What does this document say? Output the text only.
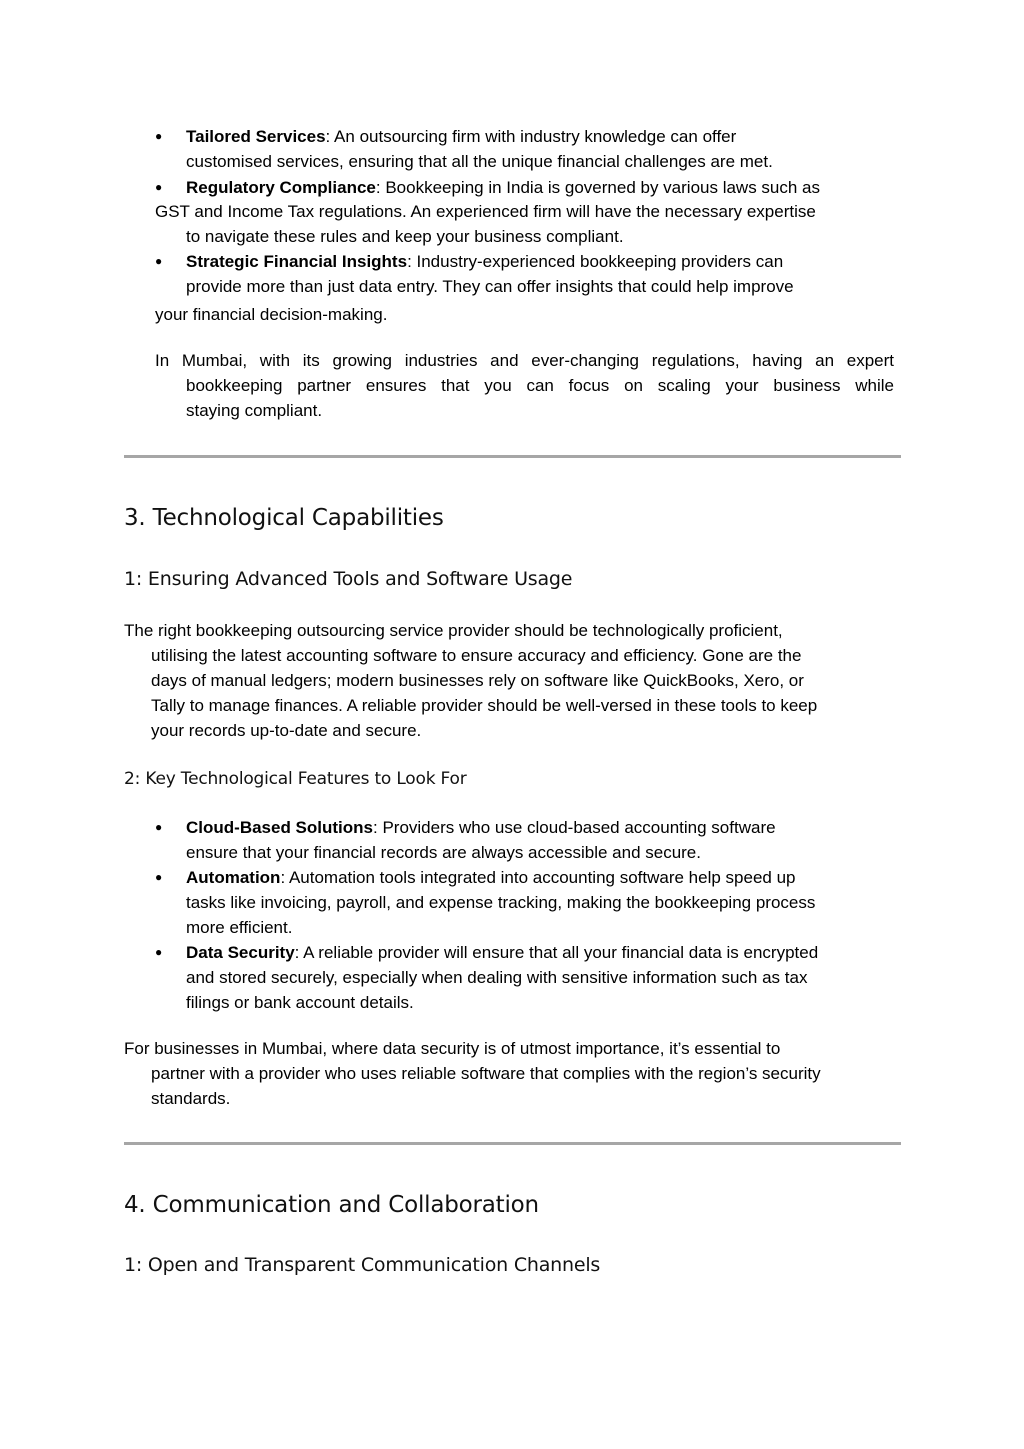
● Tailored Services: An outsourcing firm with industry knowledge can offer
customised services, ensuring that all the unique financial challenges are met.
● Regulatory Compliance: Bookkeeping in India is governed by various laws such as
GST and Income Tax regulations. An experienced firm will have the necessary expertise
to navigate these rules and keep your business compliant.
● Strategic Financial Insights: Industry-experienced bookkeeping providers can
provide more than just data entry. They can offer insights that could help improve
your financial decision-making.
In Mumbai, with its growing industries and ever-changing regulations, having an expert
bookkeeping partner ensures that you can focus on scaling your business while
staying compliant.
3. Technological Capabilities
1: Ensuring Advanced Tools and Software Usage
The right bookkeeping outsourcing service provider should be technologically proficient,
utilising the latest accounting software to ensure accuracy and efficiency. Gone are the
days of manual ledgers; modern businesses rely on software like QuickBooks, Xero, or
Tally to manage finances. A reliable provider should be well-versed in these tools to keep
your records up-to-date and secure.
2: Key Technological Features to Look For
● Cloud-Based Solutions: Providers who use cloud-based accounting software
ensure that your financial records are always accessible and secure.
● Automation: Automation tools integrated into accounting software help speed up
tasks like invoicing, payroll, and expense tracking, making the bookkeeping process
more efficient.
● Data Security: A reliable provider will ensure that all your financial data is encrypted
and stored securely, especially when dealing with sensitive information such as tax
filings or bank account details.
For businesses in Mumbai, where data security is of utmost importance, it’s essential to
partner with a provider who uses reliable software that complies with the region’s security
standards.
4. Communication and Collaboration
1: Open and Transparent Communication Channels
